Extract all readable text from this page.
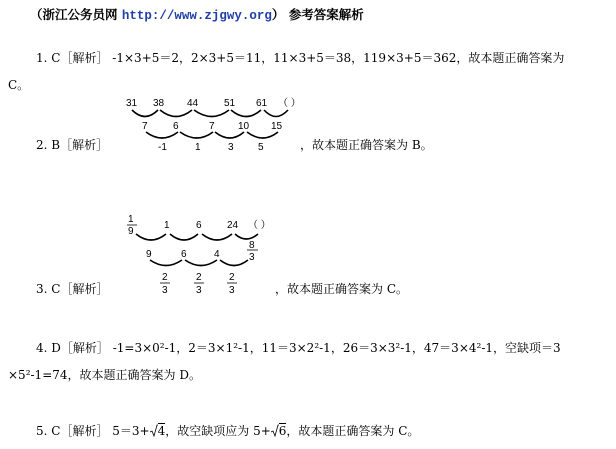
（浙江公务员网 http://www.zjgwy.org） 参考答案解析
1. C［解析］ -1×3+5＝2，2×3+5＝11，11×3+5＝38，119×3+5＝362，故本题正确答案为
C。
31 38 44	51 61 （ ）
7	6	7 10 15
-1	1	3 5
2. B［解析］	，故本题正确答案为 B。
1
9
1	6	24 （ ）
8
3
9	6	4
2
3
2
3
2
3
3. C［解析］	，故本题正确答案为 C。
4. D［解析］ -1=3×0²-1，2＝3×1²-1，11＝3×2²-1，26＝3×3²-1，47＝3×4²-1，空缺项＝3
×5²-1=74，故本题正确答案为 D。
5. C［解析］ 5＝3+ 4，故空缺项应为 5+ 6，故本题正确答案为 C。
